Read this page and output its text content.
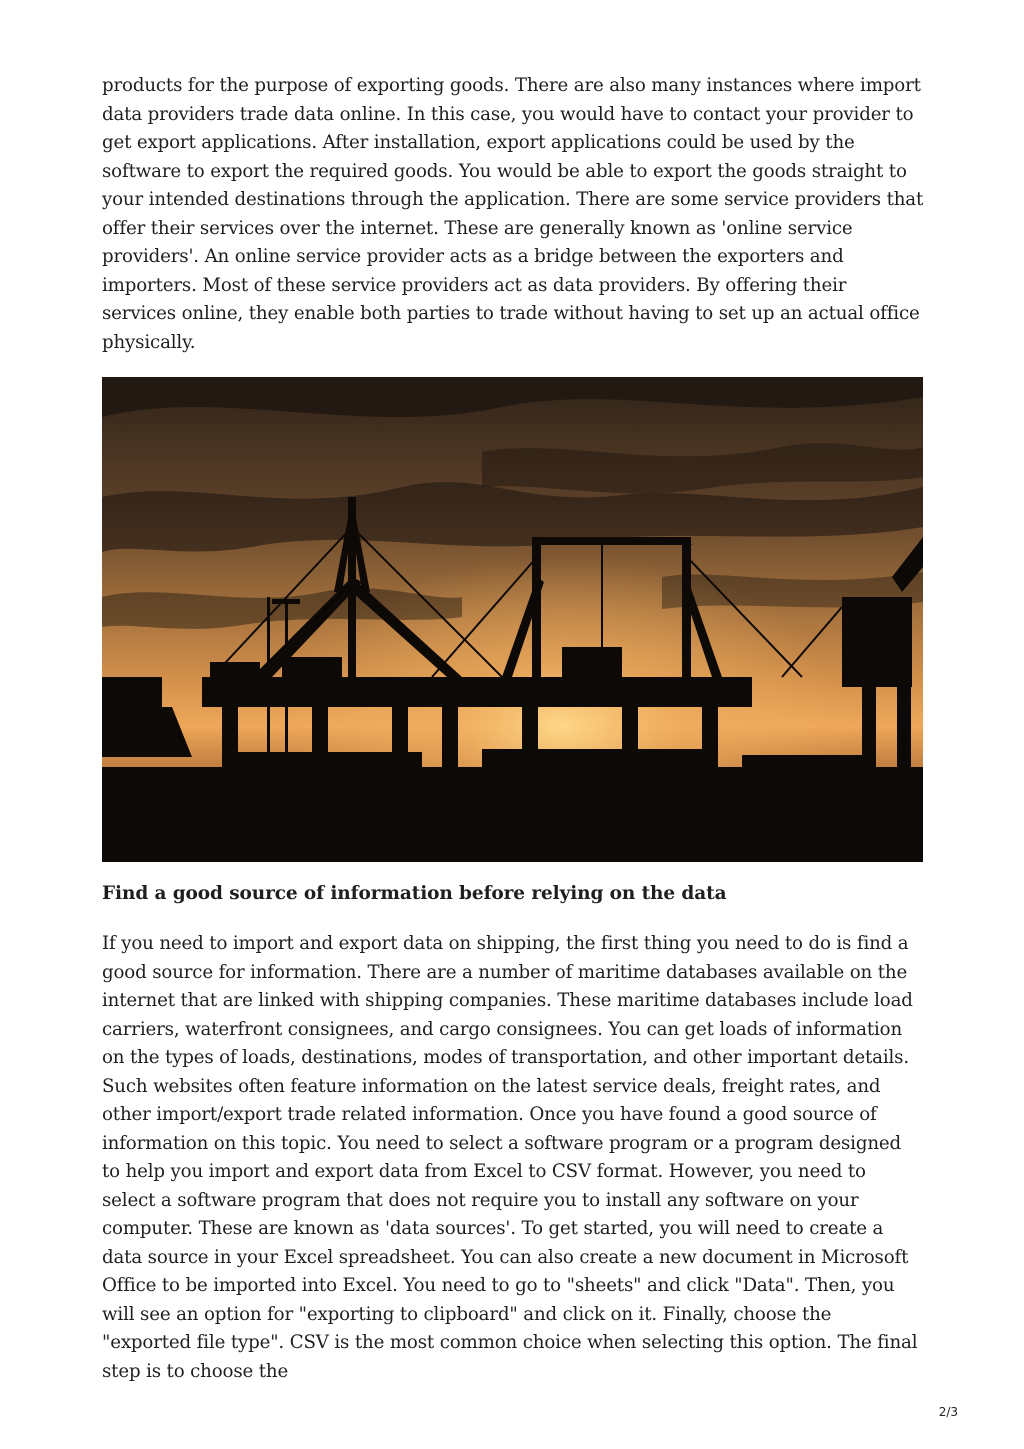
products for the purpose of exporting goods. There are also many instances where import data providers trade data online. In this case, you would have to contact your provider to get export applications. After installation, export applications could be used by the software to export the required goods. You would be able to export the goods straight to your intended destinations through the application. There are some service providers that offer their services over the internet. These are generally known as 'online service providers'. An online service provider acts as a bridge between the exporters and importers. Most of these service providers act as data providers. By offering their services online, they enable both parties to trade without having to set up an actual office physically.

Find a good source of information before relying on the data

If you need to import and export data on shipping, the first thing you need to do is find a good source for information. There are a number of maritime databases available on the internet that are linked with shipping companies. These maritime databases include load carriers, waterfront consignees, and cargo consignees. You can get loads of information on the types of loads, destinations, modes of transportation, and other important details. Such websites often feature information on the latest service deals, freight rates, and other import/export trade related information. Once you have found a good source of information on this topic. You need to select a software program or a program designed to help you import and export data from Excel to CSV format. However, you need to select a software program that does not require you to install any software on your computer. These are known as 'data sources'. To get started, you will need to create a data source in your Excel spreadsheet. You can also create a new document in Microsoft Office to be imported into Excel. You need to go to "sheets" and click "Data". Then, you will see an option for "exporting to clipboard" and click on it. Finally, choose the "exported file type". CSV is the most common choice when selecting this option. The final step is to choose the

2/3
